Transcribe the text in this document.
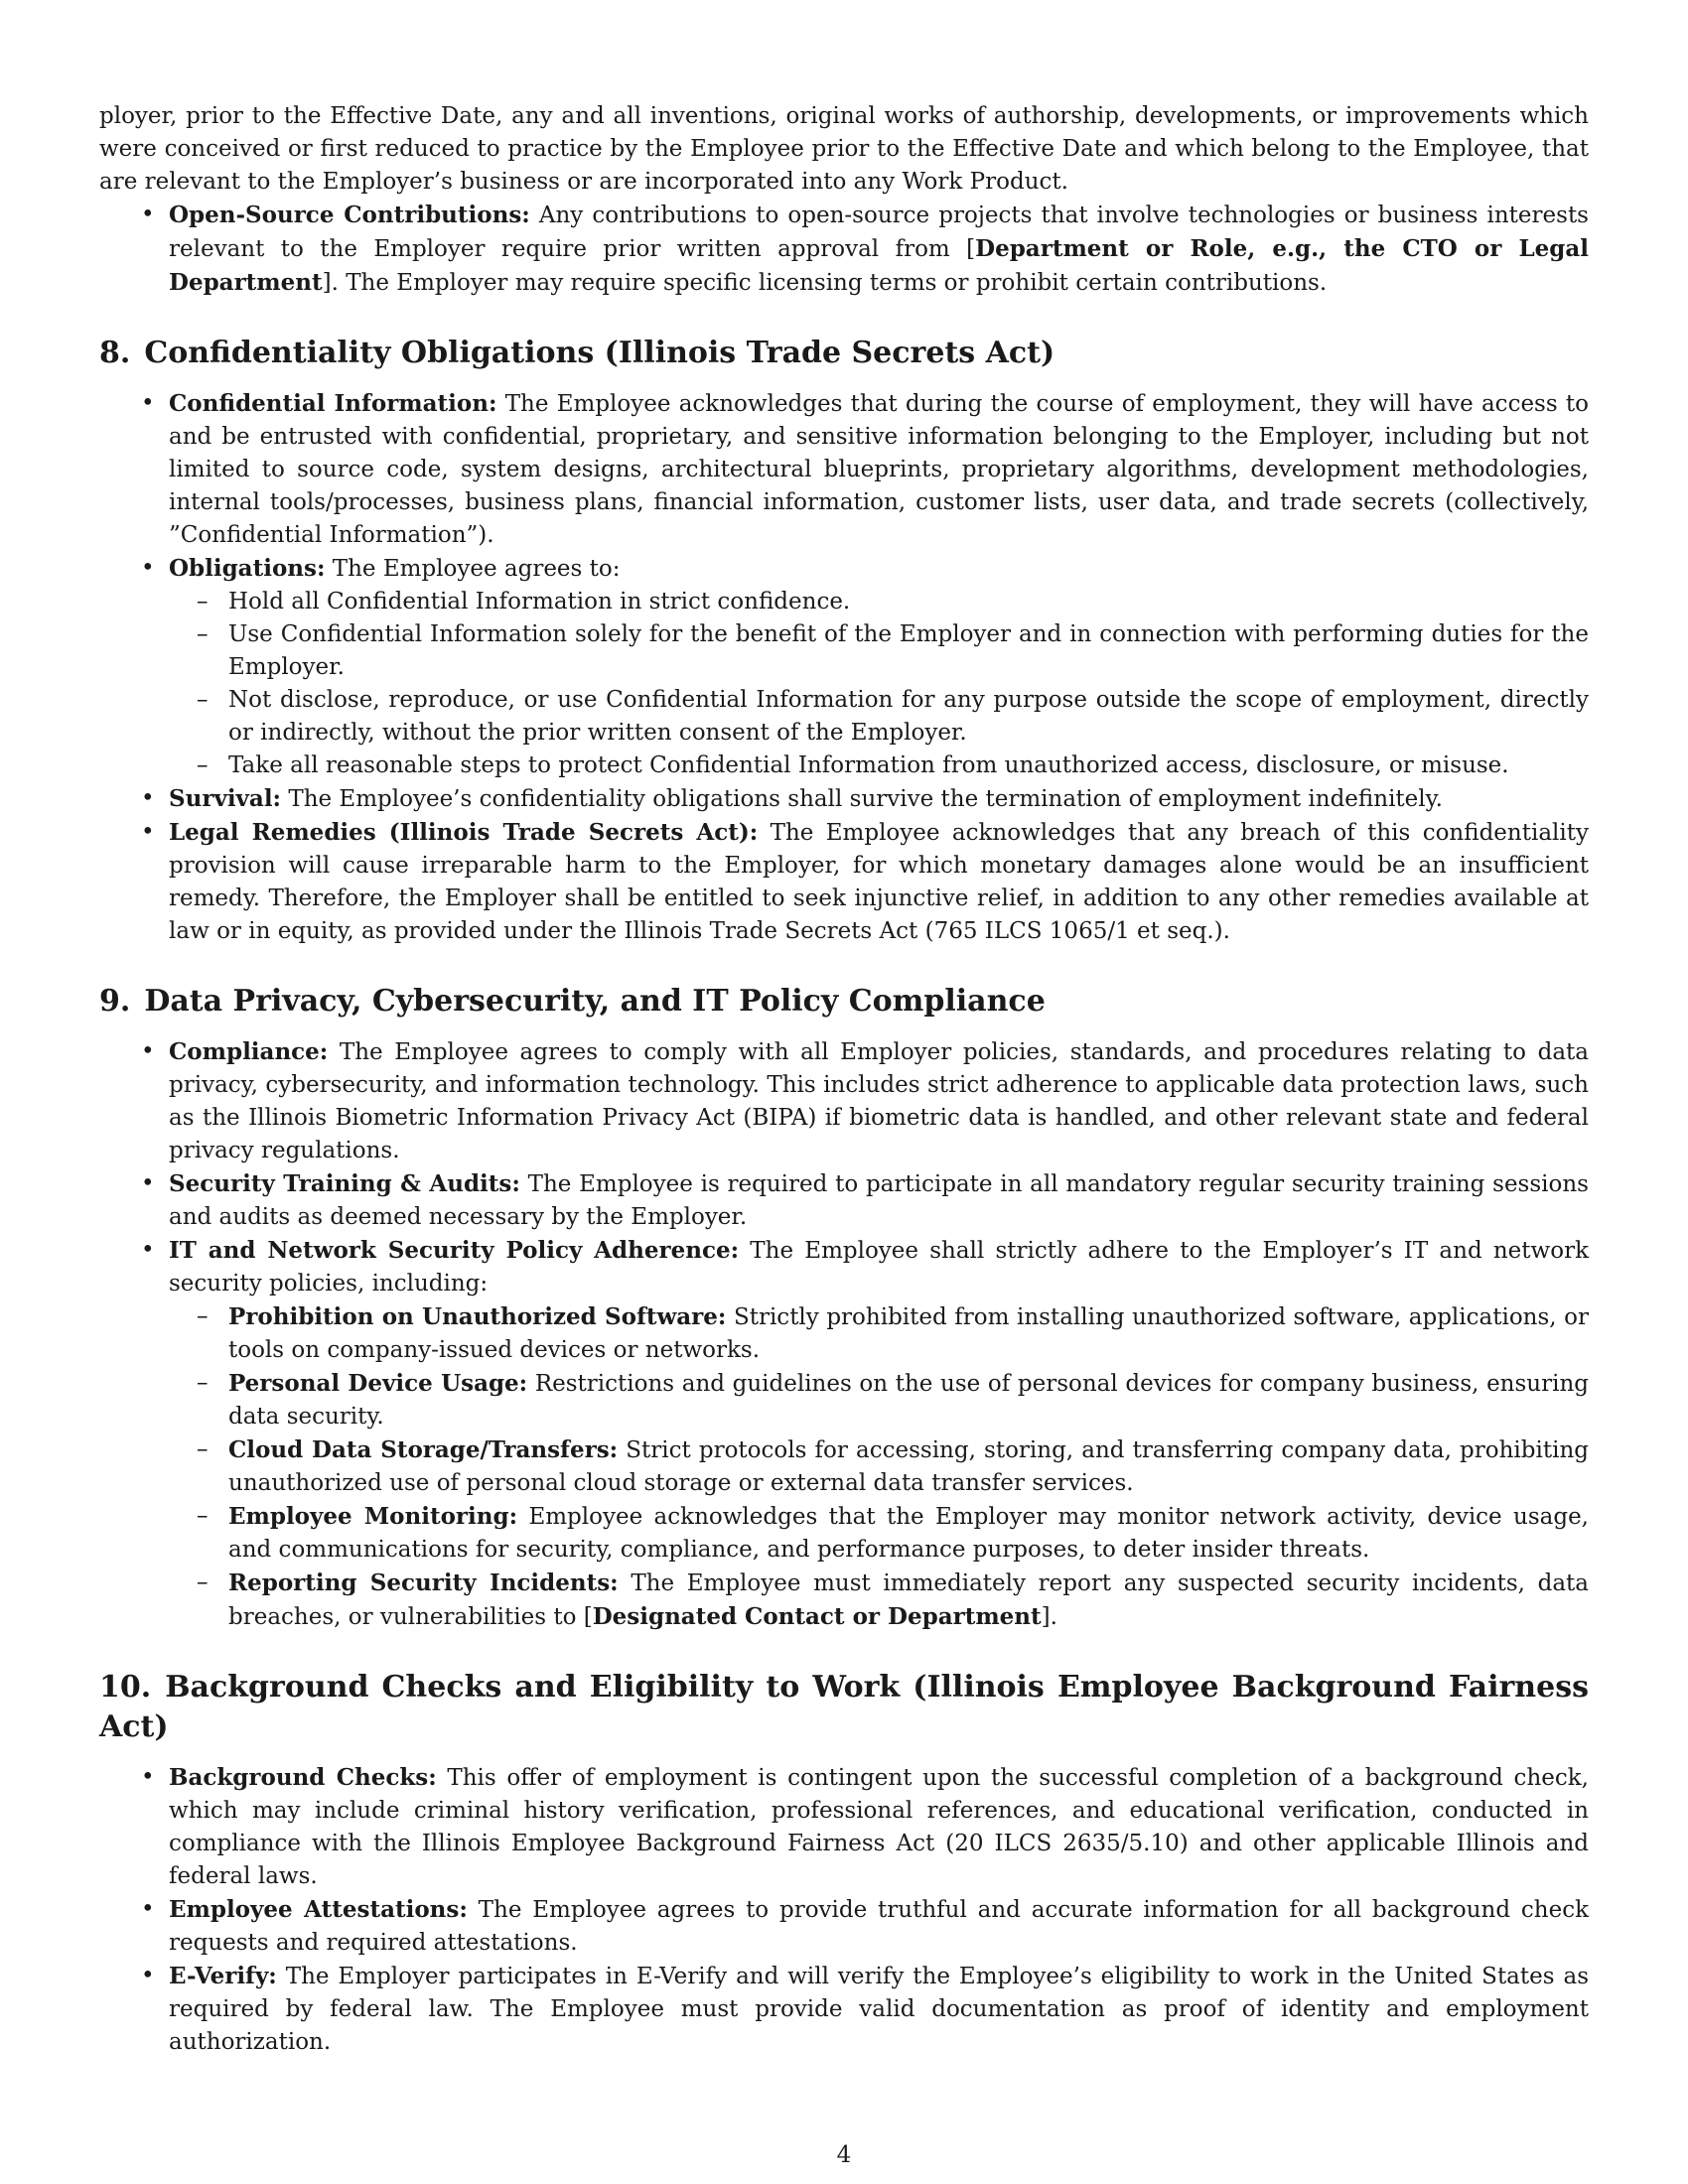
ployer, prior to the Effective Date, any and all inventions, original works of authorship, developments, or improvements which were conceived or first reduced to practice by the Employee prior to the Effective Date and which belong to the Employee, that are relevant to the Employer’s business or are incorporated into any Work Product.

• Open-Source Contributions: Any contributions to open-source projects that involve technologies or business interests relevant to the Employer require prior written approval from [Department or Role, e.g., the CTO or Legal Department]. The Employer may require specific licensing terms or prohibit certain contributions.
8. Confidentiality Obligations (Illinois Trade Secrets Act)
• Confidential Information: The Employee acknowledges that during the course of employment, they will have access to and be entrusted with confidential, proprietary, and sensitive information belonging to the Employer, including but not limited to source code, system designs, architectural blueprints, proprietary algorithms, development methodologies, internal tools/processes, business plans, financial information, customer lists, user data, and trade secrets (collectively, ”Confidential Information”).
• Obligations: The Employee agrees to:
– Hold all Confidential Information in strict confidence.
– Use Confidential Information solely for the benefit of the Employer and in connection with performing duties for the Employer.
– Not disclose, reproduce, or use Confidential Information for any purpose outside the scope of employment, directly or indirectly, without the prior written consent of the Employer.
– Take all reasonable steps to protect Confidential Information from unauthorized access, disclosure, or misuse.
• Survival: The Employee’s confidentiality obligations shall survive the termination of employment indefinitely.
• Legal Remedies (Illinois Trade Secrets Act): The Employee acknowledges that any breach of this confidentiality provision will cause irreparable harm to the Employer, for which monetary damages alone would be an insufficient remedy. Therefore, the Employer shall be entitled to seek injunctive relief, in addition to any other remedies available at law or in equity, as provided under the Illinois Trade Secrets Act (765 ILCS 1065/1 et seq.).
9. Data Privacy, Cybersecurity, and IT Policy Compliance
• Compliance: The Employee agrees to comply with all Employer policies, standards, and procedures relating to data privacy, cybersecurity, and information technology. This includes strict adherence to applicable data protection laws, such as the Illinois Biometric Information Privacy Act (BIPA) if biometric data is handled, and other relevant state and federal privacy regulations.
• Security Training & Audits: The Employee is required to participate in all mandatory regular security training sessions and audits as deemed necessary by the Employer.
• IT and Network Security Policy Adherence: The Employee shall strictly adhere to the Employer’s IT and network security policies, including:
– Prohibition on Unauthorized Software: Strictly prohibited from installing unauthorized software, applications, or tools on company-issued devices or networks.
– Personal Device Usage: Restrictions and guidelines on the use of personal devices for company business, ensuring data security.
– Cloud Data Storage/Transfers: Strict protocols for accessing, storing, and transferring company data, prohibiting unauthorized use of personal cloud storage or external data transfer services.
– Employee Monitoring: Employee acknowledges that the Employer may monitor network activity, device usage, and communications for security, compliance, and performance purposes, to deter insider threats.
– Reporting Security Incidents: The Employee must immediately report any suspected security incidents, data breaches, or vulnerabilities to [Designated Contact or Department].
10. Background Checks and Eligibility to Work (Illinois Employee Background Fairness Act)
• Background Checks: This offer of employment is contingent upon the successful completion of a background check, which may include criminal history verification, professional references, and educational verification, conducted in compliance with the Illinois Employee Background Fairness Act (20 ILCS 2635/5.10) and other applicable Illinois and federal laws.
• Employee Attestations: The Employee agrees to provide truthful and accurate information for all background check requests and required attestations.
• E-Verify: The Employer participates in E-Verify and will verify the Employee’s eligibility to work in the United States as required by federal law. The Employee must provide valid documentation as proof of identity and employment authorization.
4
